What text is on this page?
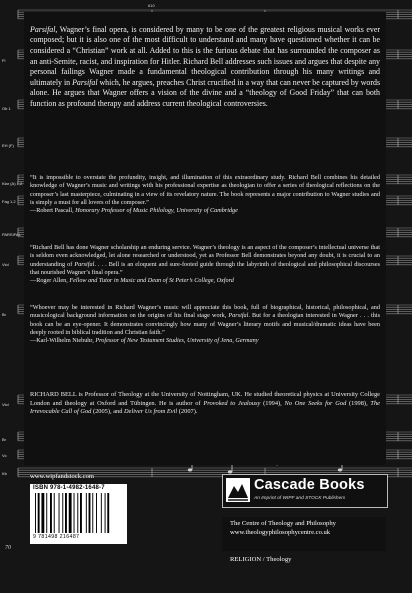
610
Fl
Ob 1
EH (F)
Klar (A) 1,2
Fag 1,2
PARSIFAL
Viol
Br
Viol
Br
Vc
Kb

Parsifal, Wagner’s final opera, is considered by many to be one of the greatest religious musical works ever composed; but it is also one of the most difficult to understand and many have questioned whether it can be considered a “Christian” work at all. Added to this is the furious debate that has surrounded the composer as an anti-Semite, racist, and inspiration for Hitler. Richard Bell addresses such issues and argues that despite any personal failings Wagner made a fundamental theological contribution through his many writings and ultimately in Parsifal which, he argues, preaches Christ crucified in a way that can never be captured by words alone. He argues that Wagner offers a vision of the divine and a “theology of Good Friday” that can both function as profound therapy and address current theological controversies.

“It is impossible to overstate the profundity, insight, and illumination of this extraordinary study. Richard Bell combines his detailed knowledge of Wagner’s music and writings with his professional expertise as theologian to offer a series of theological reflections on the composer’s last masterpiece, culminating in a view of its revelatory nature. The book represents a major contribution to Wagner studies and is simply a must for all lovers of the composer.”
—Robert Pascall, Honorary Professor of Music Philology, University of Cambridge

“Richard Bell has done Wagner scholarship an enduring service. Wagner’s theology is an aspect of the composer’s intellectual universe that is seldom even acknowledged, let alone researched or understood, yet as Professor Bell demonstrates beyond any doubt, it is crucial to an understanding of Parsifal. . . . Bell is an eloquent and sure-footed guide through the labyrinth of theological and philosophical discourses that nourished Wagner’s final opera.”
—Roger Allen, Fellow and Tutor in Music and Dean of St Peter’s College, Oxford

“Whoever may be interested in Richard Wagner’s music will appreciate this book, full of biographical, historical, philosophical, and musicological background information on the origins of his final stage work, Parsifal. But for a theologian interested in Wagner . . . this book can be an eye-opener. It demonstrates convincingly how many of Wagner’s literary motifs and musical/dramatic ideas have been deeply rooted in biblical tradition and Christian faith.”
—Karl-Wilhelm Niebuhr, Professor of New Testament Studies, University of Jena, Germany

RICHARD BELL is Professor of Theology at the University of Nottingham, UK. He studied theoretical physics at University College London and theology at Oxford and Tübingen. He is author of Provoked to Jealousy (1994), No One Seeks for God (1998), The Irrevocable Call of God (2005), and Deliver Us from Evil (2007).

www.wipfandstock.com
ISBN 978-1-4982-1648-7
9 781498 216487
Cascade Books
An Imprint of WIPF and STOCK Publishers
The Centre of Theology and Philosophy
www.theologyphilosophycentre.co.uk
RELIGION / Theology
70
